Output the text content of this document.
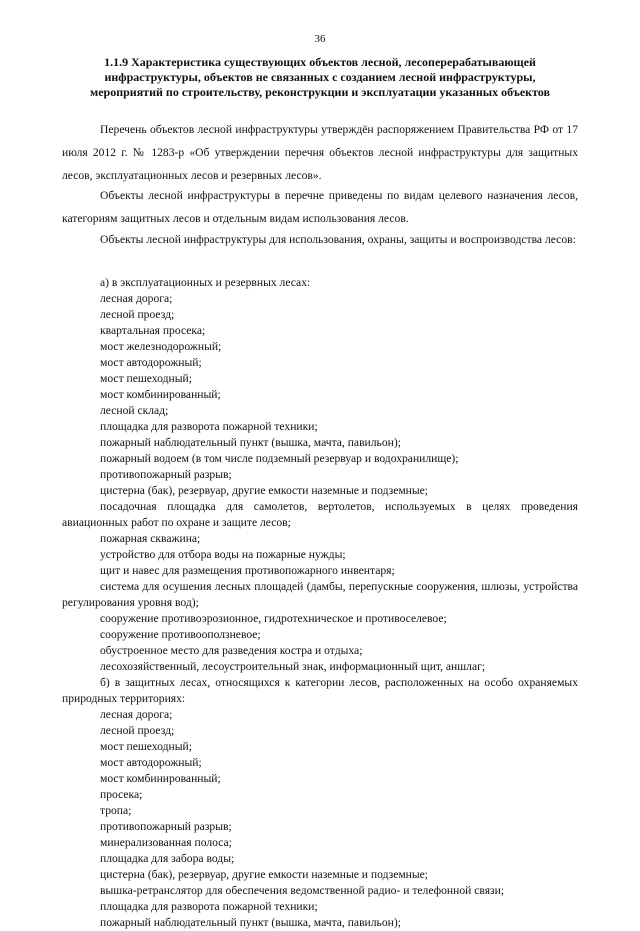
36
1.1.9 Характеристика существующих объектов лесной, лесоперерабатывающей
инфраструктуры, объектов не связанных с созданием лесной инфраструктуры,
мероприятий по строительству, реконструкции и эксплуатации указанных объектов
Перечень объектов лесной инфраструктуры утверждён распоряжением Правительства РФ от 17 июля 2012 г. № 1283-р «Об утверждении перечня объектов лесной инфраструктуры для защитных лесов, эксплуатационных лесов и резервных лесов».
Объекты лесной инфраструктуры в перечне приведены по видам целевого назначения лесов, категориям защитных лесов и отдельным видам использования лесов.
Объекты лесной инфраструктуры для использования, охраны, защиты и воспроизводства лесов:
а) в эксплуатационных и резервных лесах:
лесная дорога;
лесной проезд;
квартальная просека;
мост железнодорожный;
мост автодорожный;
мост пешеходный;
мост комбинированный;
лесной склад;
площадка для разворота пожарной техники;
пожарный наблюдательный пункт (вышка, мачта, павильон);
пожарный водоем (в том числе подземный резервуар и водохранилище);
противопожарный разрыв;
цистерна (бак), резервуар, другие емкости наземные и подземные;
посадочная площадка для самолетов, вертолетов, используемых в целях проведения авиационных работ по охране и защите лесов;
пожарная скважина;
устройство для отбора воды на пожарные нужды;
щит и навес для размещения противопожарного инвентаря;
система для осушения лесных площадей (дамбы, перепускные сооружения, шлюзы, устройства регулирования уровня вод);
сооружение противоэрозионное, гидротехническое и противоселевое;
сооружение противооползневое;
обустроенное место для разведения костра и отдыха;
лесохозяйственный, лесоустроительный знак, информационный щит, аншлаг;
б) в защитных лесах, относящихся к категории лесов, расположенных на особо охраняемых природных территориях:
лесная дорога;
лесной проезд;
мост пешеходный;
мост автодорожный;
мост комбинированный;
просека;
тропа;
противопожарный разрыв;
минерализованная полоса;
площадка для забора воды;
цистерна (бак), резервуар, другие емкости наземные и подземные;
вышка-ретранслятор для обеспечения ведомственной радио- и телефонной связи;
площадка для разворота пожарной техники;
пожарный наблюдательный пункт (вышка, мачта, павильон);
